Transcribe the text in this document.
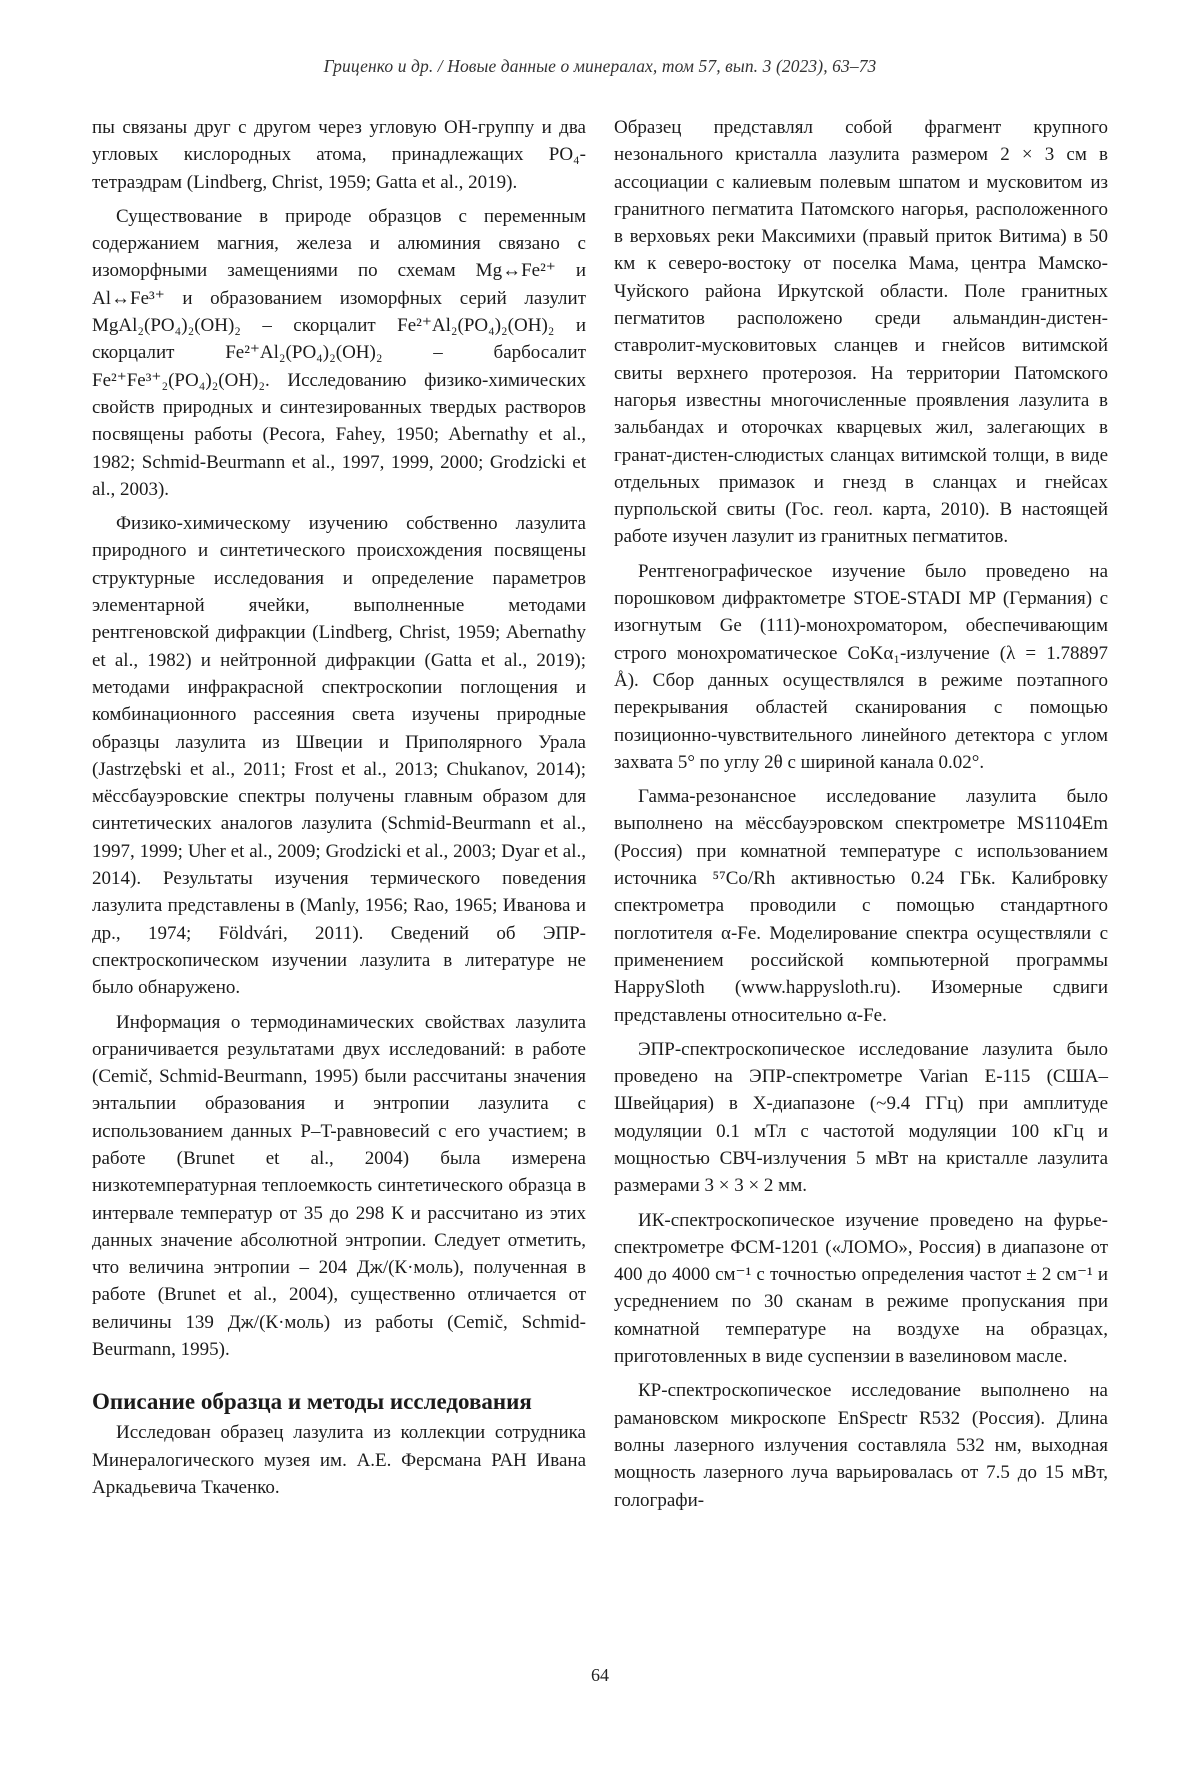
Гриценко и др. / Новые данные о минералах, том 57, вып. 3 (2023), 63–73

пы связаны друг с другом через угловую ОН-группу и два угловых кислородных атома, принадлежащих PO₄-тетраэдрам (Lindberg, Christ, 1959; Gatta et al., 2019).

Существование в природе образцов с переменным содержанием магния, железа и алюминия связано с изоморфными замещениями по схемам Mg↔Fe²⁺ и Al↔Fe³⁺ и образованием изоморфных серий лазулит MgAl₂(PO₄)₂(OH)₂ – скорцалит Fe²⁺Al₂(PO₄)₂(OH)₂ и скорцалит Fe²⁺Al₂(PO₄)₂(OH)₂ – барбосалит Fe²⁺Fe³⁺₂(PO₄)₂(OH)₂. Исследованию физико-химических свойств природных и синтезированных твердых растворов посвящены работы (Pecora, Fahey, 1950; Abernathy et al., 1982; Schmid-Beurmann et al., 1997, 1999, 2000; Grodzicki et al., 2003).

Физико-химическому изучению собственно лазулита природного и синтетического происхождения посвящены структурные исследования и определение параметров элементарной ячейки, выполненные методами рентгеновской дифракции (Lindberg, Christ, 1959; Abernathy et al., 1982) и нейтронной дифракции (Gatta et al., 2019); методами инфракрасной спектроскопии поглощения и комбинационного рассеяния света изучены природные образцы лазулита из Швеции и Приполярного Урала (Jastrzębski et al., 2011; Frost et al., 2013; Chukanov, 2014); мёссбауэровские спектры получены главным образом для синтетических аналогов лазулита (Schmid-Beurmann et al., 1997, 1999; Uher et al., 2009; Grodzicki et al., 2003; Dyar et al., 2014). Результаты изучения термического поведения лазулита представлены в (Manly, 1956; Rao, 1965; Иванова и др., 1974; Földvári, 2011). Сведений об ЭПР-спектроскопическом изучении лазулита в литературе не было обнаружено.

Информация о термодинамических свойствах лазулита ограничивается результатами двух исследований: в работе (Cemič, Schmid-Beurmann, 1995) были рассчитаны значения энтальпии образования и энтропии лазулита с использованием данных P–T-равновесий с его участием; в работе (Brunet et al., 2004) была измерена низкотемпературная теплоемкость синтетического образца в интервале температур от 35 до 298 К и рассчитано из этих данных значение абсолютной энтропии. Следует отметить, что величина энтропии – 204 Дж/(К·моль), полученная в работе (Brunet et al., 2004), существенно отличается от величины 139 Дж/(К·моль) из работы (Cemič, Schmid-Beurmann, 1995).

Описание образца и методы исследования

Исследован образец лазулита из коллекции сотрудника Минералогического музея им. А.Е. Ферсмана РАН Ивана Аркадьевича Ткаченко.

Образец представлял собой фрагмент крупного незонального кристалла лазулита размером 2 × 3 см в ассоциации с калиевым полевым шпатом и мусковитом из гранитного пегматита Патомского нагорья, расположенного в верховьях реки Максимихи (правый приток Витима) в 50 км к северо-востоку от поселка Мама, центра Мамско-Чуйского района Иркутской области. Поле гранитных пегматитов расположено среди альмандин-дистен-ставролит-мусковитовых сланцев и гнейсов витимской свиты верхнего протерозоя. На территории Патомского нагорья известны многочисленные проявления лазулита в зальбандах и оторочках кварцевых жил, залегающих в гранат-дистен-слюдистых сланцах витимской толщи, в виде отдельных примазок и гнезд в сланцах и гнейсах пурпольской свиты (Гос. геол. карта, 2010). В настоящей работе изучен лазулит из гранитных пегматитов.

Рентгенографическое изучение было проведено на порошковом дифрактометре STOE-STADI MP (Германия) с изогнутым Ge (111)-монохроматором, обеспечивающим строго монохроматическое CoKα₁-излучение (λ = 1.78897 Å). Сбор данных осуществлялся в режиме поэтапного перекрывания областей сканирования с помощью позиционно-чувствительного линейного детектора с углом захвата 5° по углу 2θ с шириной канала 0.02°.

Гамма-резонансное исследование лазулита было выполнено на мёссбауэровском спектрометре MS1104Em (Россия) при комнатной температуре с использованием источника ⁵⁷Co/Rh активностью 0.24 ГБк. Калибровку спектрометра проводили с помощью стандартного поглотителя α-Fe. Моделирование спектра осуществляли с применением российской компьютерной программы HappySloth (www.happysloth.ru). Изомерные сдвиги представлены относительно α-Fe.

ЭПР-спектроскопическое исследование лазулита было проведено на ЭПР-спектрометре Varian E-115 (США–Швейцария) в X-диапазоне (~9.4 ГГц) при амплитуде модуляции 0.1 мТл с частотой модуляции 100 кГц и мощностью СВЧ-излучения 5 мВт на кристалле лазулита размерами 3 × 3 × 2 мм.

ИК-спектроскопическое изучение проведено на фурье-спектрометре ФСМ-1201 («ЛОМО», Россия) в диапазоне от 400 до 4000 см⁻¹ с точностью определения частот ± 2 см⁻¹ и усреднением по 30 сканам в режиме пропускания при комнатной температуре на воздухе на образцах, приготовленных в виде суспензии в вазелиновом масле.

КР-спектроскопическое исследование выполнено на рамановском микроскопе EnSpectr R532 (Россия). Длина волны лазерного излучения составляла 532 нм, выходная мощность лазерного луча варьировалась от 7.5 до 15 мВт, голографи-

64
